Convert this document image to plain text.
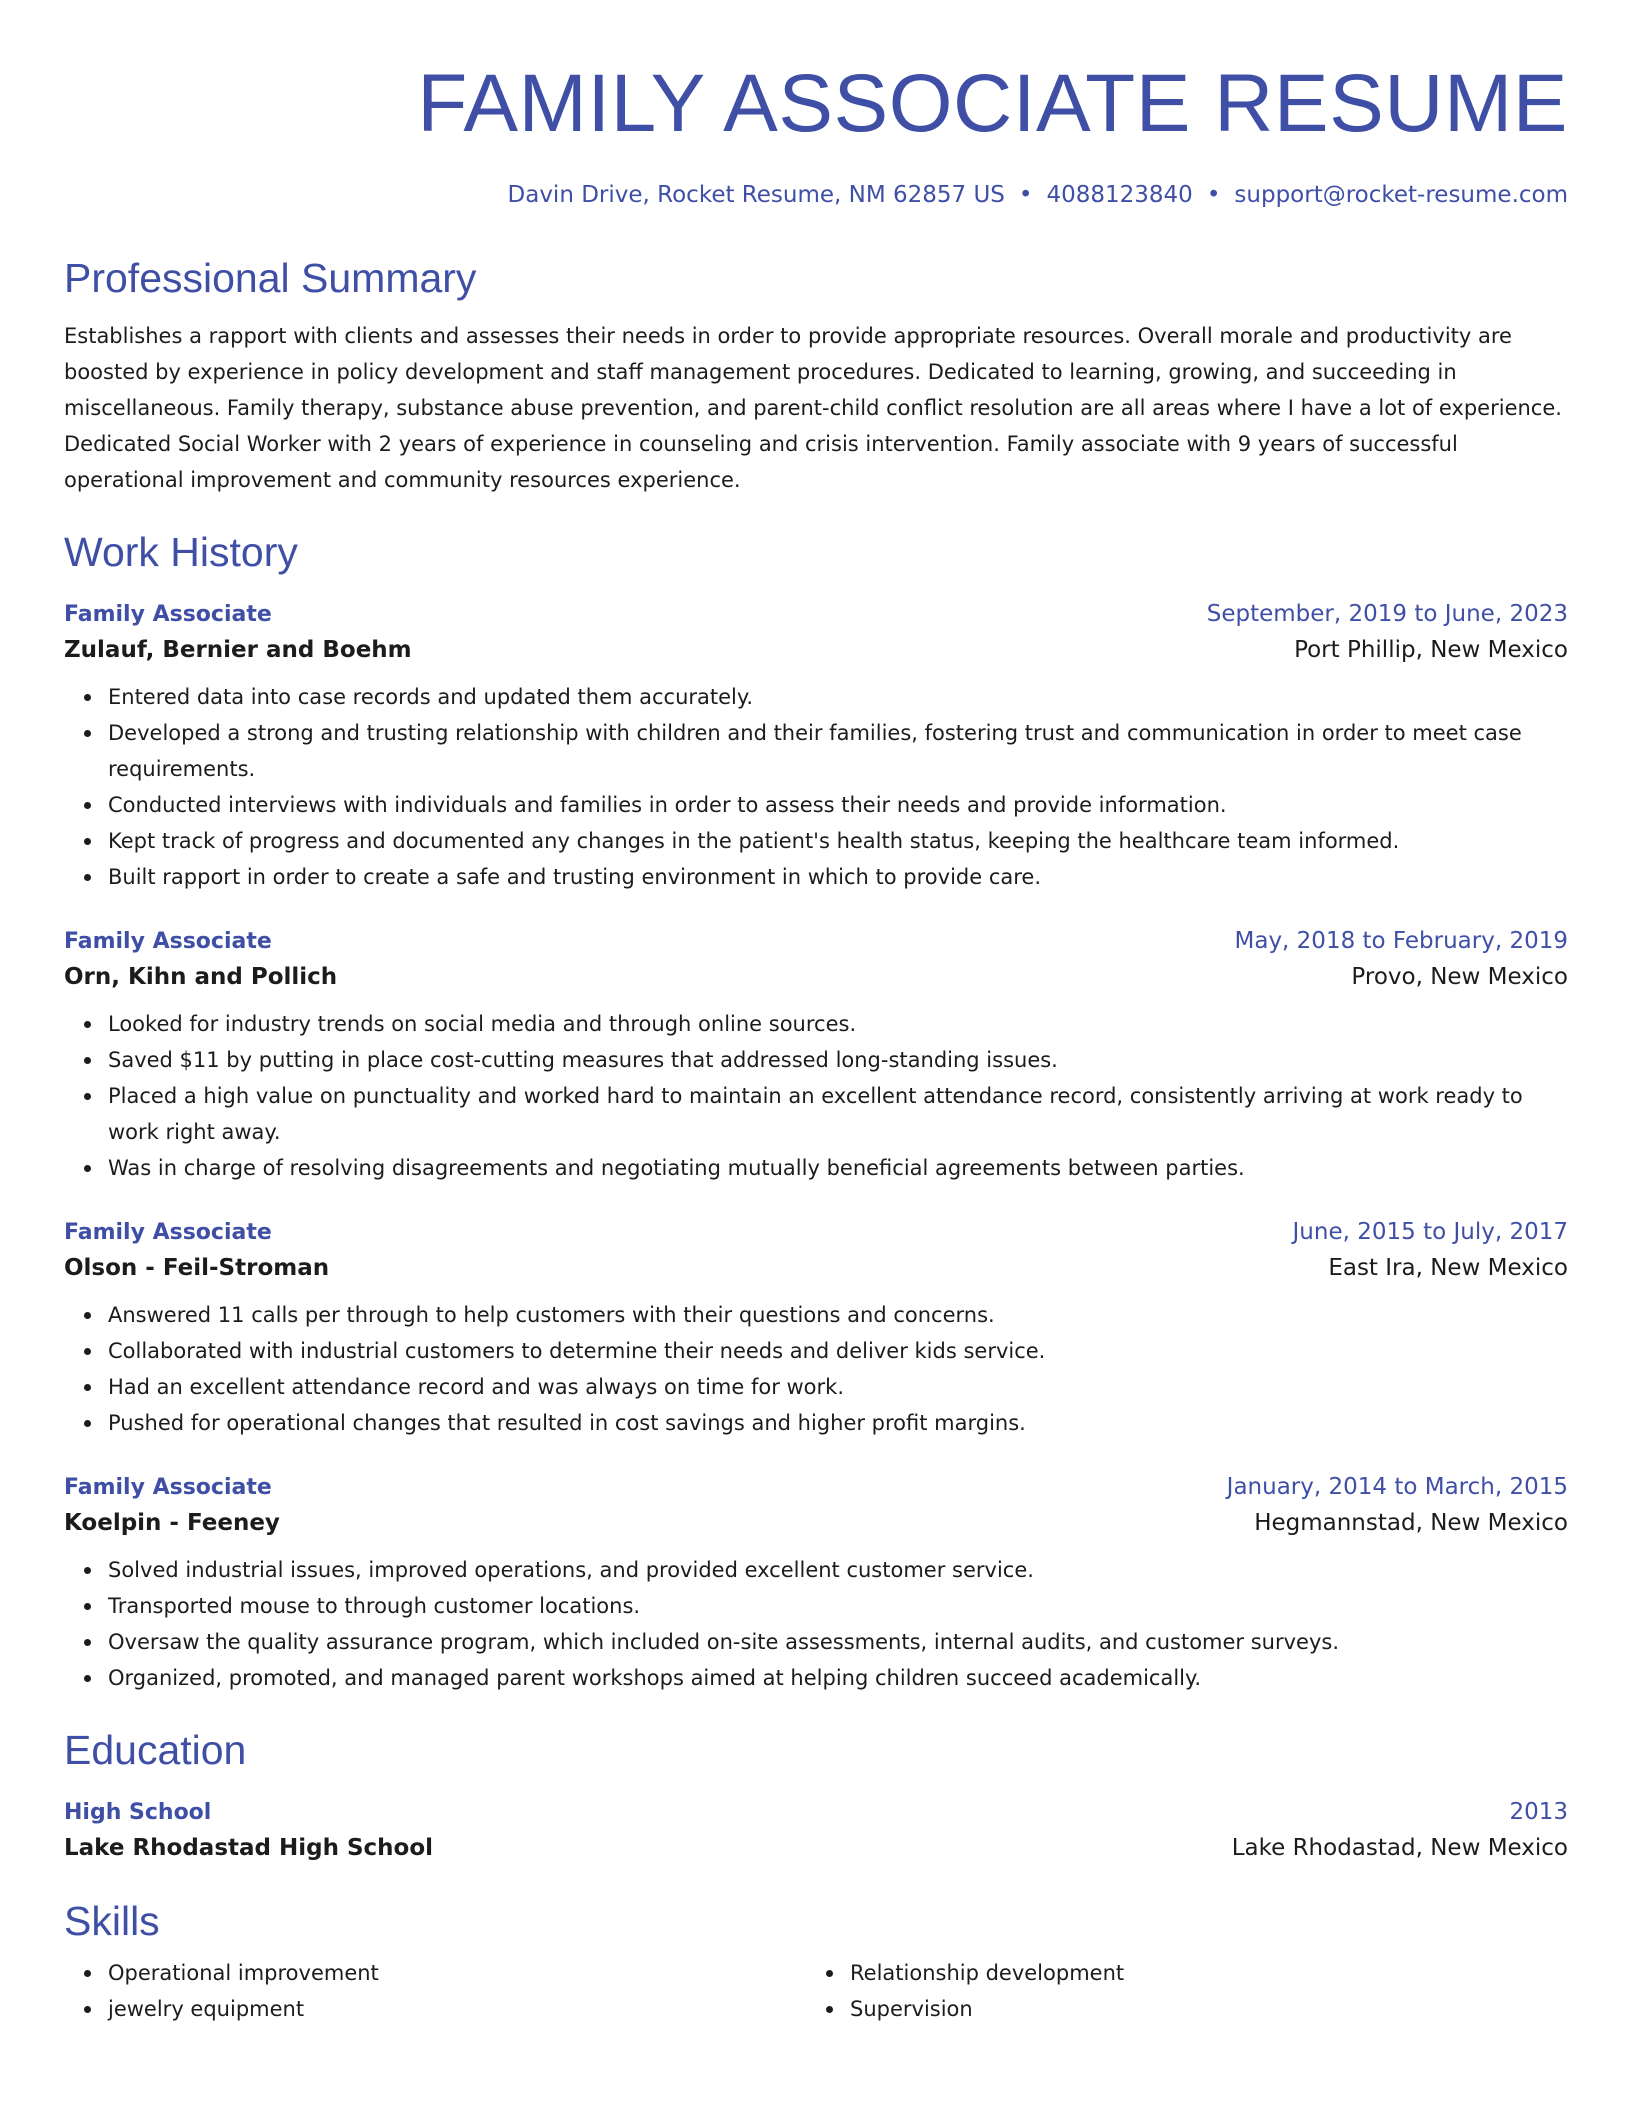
FAMILY ASSOCIATE RESUME
Davin Drive, Rocket Resume, NM 62857 US • 4088123840 • support@rocket-resume.com
Professional Summary

Establishes a rapport with clients and assesses their needs in order to provide appropriate resources. Overall morale and productivity are boosted by experience in policy development and staff management procedures. Dedicated to learning, growing, and succeeding in miscellaneous. Family therapy, substance abuse prevention, and parent-child conflict resolution are all areas where I have a lot of experience. Dedicated Social Worker with 2 years of experience in counseling and crisis intervention. Family associate with 9 years of successful operational improvement and community resources experience.

Work History
Family Associate	September, 2019 to June, 2023
Zulauf, Bernier and Boehm	Port Phillip, New Mexico
Entered data into case records and updated them accurately.
Developed a strong and trusting relationship with children and their families, fostering trust and communication in order to meet case requirements.
Conducted interviews with individuals and families in order to assess their needs and provide information.
Kept track of progress and documented any changes in the patient's health status, keeping the healthcare team informed.
Built rapport in order to create a safe and trusting environment in which to provide care.
Family Associate	May, 2018 to February, 2019
Orn, Kihn and Pollich	Provo, New Mexico
Looked for industry trends on social media and through online sources.
Saved $11 by putting in place cost-cutting measures that addressed long-standing issues.
Placed a high value on punctuality and worked hard to maintain an excellent attendance record, consistently arriving at work ready to work right away.
Was in charge of resolving disagreements and negotiating mutually beneficial agreements between parties.
Family Associate	June, 2015 to July, 2017
Olson - Feil-Stroman	East Ira, New Mexico
Answered 11 calls per through to help customers with their questions and concerns.
Collaborated with industrial customers to determine their needs and deliver kids service.
Had an excellent attendance record and was always on time for work.
Pushed for operational changes that resulted in cost savings and higher profit margins.
Family Associate	January, 2014 to March, 2015
Koelpin - Feeney	Hegmannstad, New Mexico
Solved industrial issues, improved operations, and provided excellent customer service.
Transported mouse to through customer locations.
Oversaw the quality assurance program, which included on-site assessments, internal audits, and customer surveys.
Organized, promoted, and managed parent workshops aimed at helping children succeed academically.
Education
High School	2013
Lake Rhodastad High School	Lake Rhodastad, New Mexico
Skills
Operational improvement
jewelry equipment
Relationship development
Supervision
